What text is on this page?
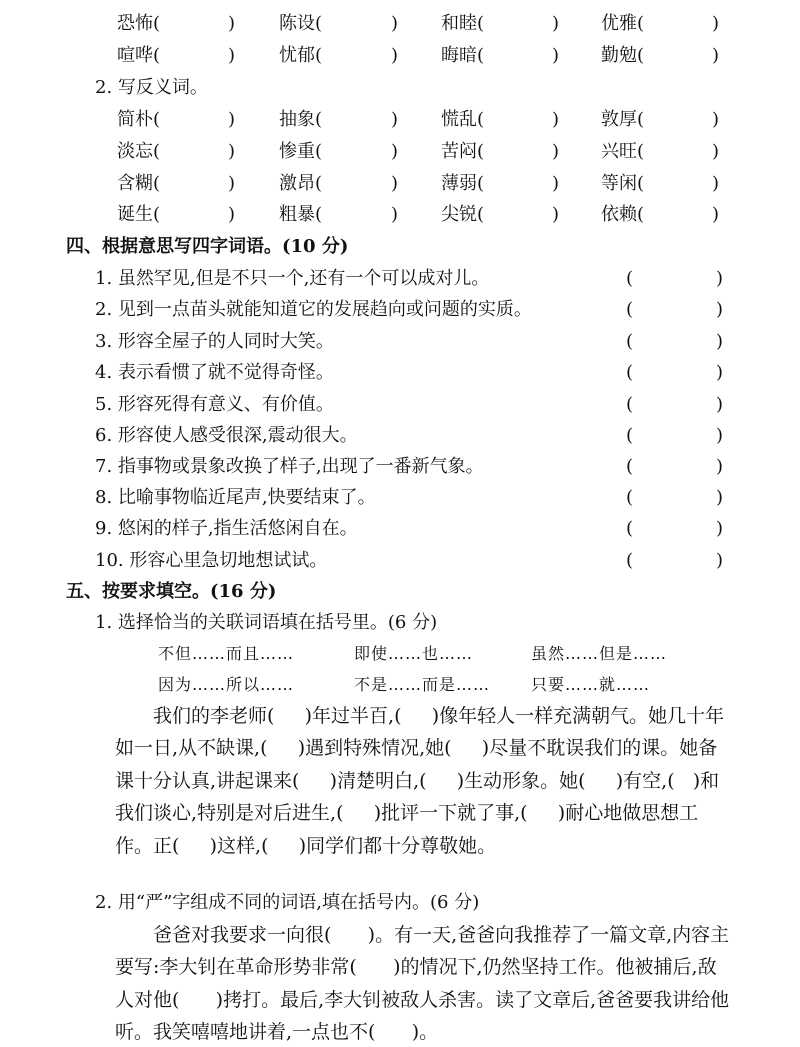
恐怖(	) 陈设(	) 和睦(	) 优雅(	)
喧哗(	) 忧郁(	) 晦暗(	) 勤勉(	)
2. 写反义词。
简朴(	) 抽象(	) 慌乱(	) 敦厚(	)
淡忘(	) 惨重(	) 苦闷(	) 兴旺(	)
含糊(	) 激昂(	) 薄弱(	) 等闲(	)
诞生(	) 粗暴(	) 尖锐(	) 依赖(	)
四、根据意思写四字词语。(10 分)
1. 虽然罕见,但是不只一个,还有一个可以成对儿。	(	)
2. 见到一点苗头就能知道它的发展趋向或问题的实质。	(	)
3. 形容全屋子的人同时大笑。	(	)
4. 表示看惯了就不觉得奇怪。	(	)
5. 形容死得有意义、有价值。	(	)
6. 形容使人感受很深,震动很大。	(	)
7. 指事物或景象改换了样子,出现了一番新气象。	(	)
8. 比喻事物临近尾声,快要结束了。	(	)
9. 悠闲的样子,指生活悠闲自在。	(	)
10. 形容心里急切地想试试。	(	)
五、按要求填空。(16 分)
1. 选择恰当的关联词语填在括号里。(6 分)
不但……而且……	即使……也……	虽然……但是……
因为……所以……	不是……而是……	只要……就……

我们的李老师( )年过半百,( )像年轻人一样充满朝气。她几十年如一日,从不缺课,( )遇到特殊情况,她( )尽量不耽误我们的课。她备课十分认真,讲起课来( )清楚明白,( )生动形象。她( )有空,( )和我们谈心,特别是对后进生,( )批评一下就了事,( )耐心地做思想工作。正( )这样,( )同学们都十分尊敬她。

2. 用“严”字组成不同的词语,填在括号内。(6 分)

爸爸对我要求一向很( )。有一天,爸爸向我推荐了一篇文章,内容主要写:李大钊在革命形势非常( )的情况下,仍然坚持工作。他被捕后,敌人对他( )拷打。最后,李大钊被敌人杀害。读了文章后,爸爸要我讲给他听。我笑嘻嘻地讲着,一点也不( )。
